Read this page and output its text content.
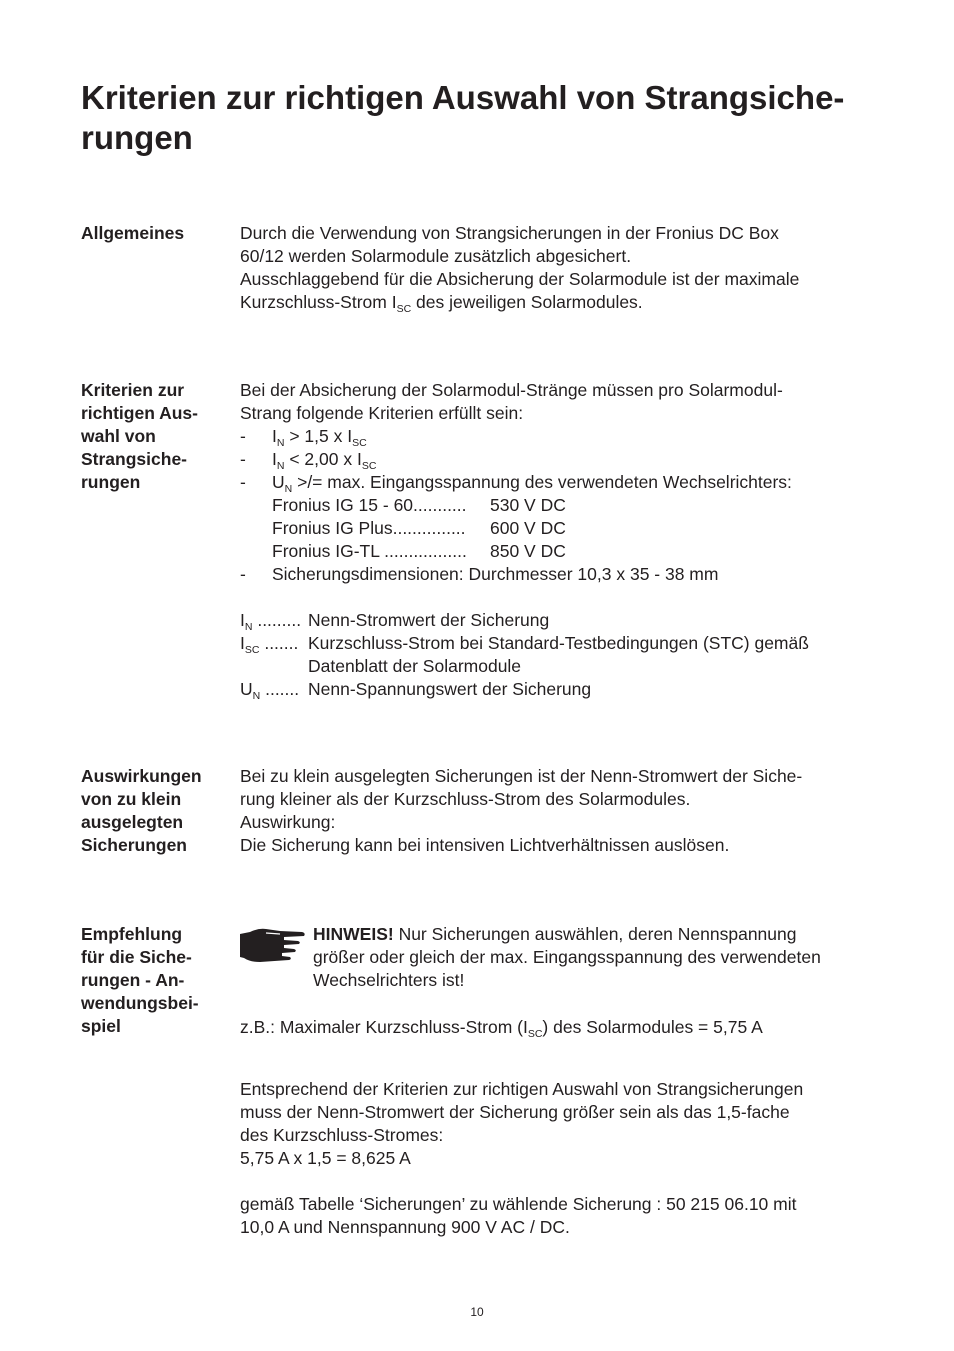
Kriterien zur richtigen Auswahl von Strangsiche-
rungen
Allgemeines	Durch die Verwendung von Strangsicherungen in der Fronius DC Box
60/12 werden Solarmodule zusätzlich abgesichert.
Ausschlaggebend für die Absicherung der Solarmodule ist der maximale
Kurzschluss-Strom $I_{SC}$ des jeweiligen Solarmodules.
Kriterien zur
richtigen Aus-
wahl von
Strangsiche-
rungen
Bei der Absicherung der Solarmodul-Stränge müssen pro Solarmodul-
Strang folgende Kriterien erfüllt sein:
- $I_N > 1,5$ x $I_{SC}$
- $I_N < 2,00$ x $I_{SC}$
- $U_N$ >/= max. Eingangsspannung des verwendeten Wechselrichters:
Fronius IG 15 - 60........... 530 V DC
Fronius IG Plus............... 600 V DC
Fronius IG-TL ................. 850 V DC
- Sicherungsdimensionen: Durchmesser 10,3 x 35 - 38 mm
$I_N$ ......... Nenn-Stromwert der Sicherung
$I_{SC}$ ....... Kurzschluss-Strom bei Standard-Testbedingungen (STC) gemäß
Datenblatt der Solarmodule
$U_N$ ....... Nenn-Spannungswert der Sicherung
Auswirkungen
von zu klein
ausgelegten
Sicherungen
Bei zu klein ausgelegten Sicherungen ist der Nenn-Stromwert der Siche-
rung kleiner als der Kurzschluss-Strom des Solarmodules.
Auswirkung:
Die Sicherung kann bei intensiven Lichtverhältnissen auslösen.
Empfehlung
für die Siche-
rungen - An-
wendungsbei-
spiel
HINWEIS! Nur Sicherungen auswählen, deren Nennspannung
größer oder gleich der max. Eingangsspannung des verwendeten
Wechselrichters ist!
z.B.: Maximaler Kurzschluss-Strom $(I_{SC})$ des Solarmodules = 5,75 A
Entsprechend der Kriterien zur richtigen Auswahl von Strangsicherungen
muss der Nenn-Stromwert der Sicherung größer sein als das 1,5-fache
des Kurzschluss-Stromes:
5,75 A x 1,5 = 8,625 A
gemäß Tabelle ‘Sicherungen’ zu wählende Sicherung : 50 215 06.10 mit
10,0 A und Nennspannung 900 V AC / DC.
10
